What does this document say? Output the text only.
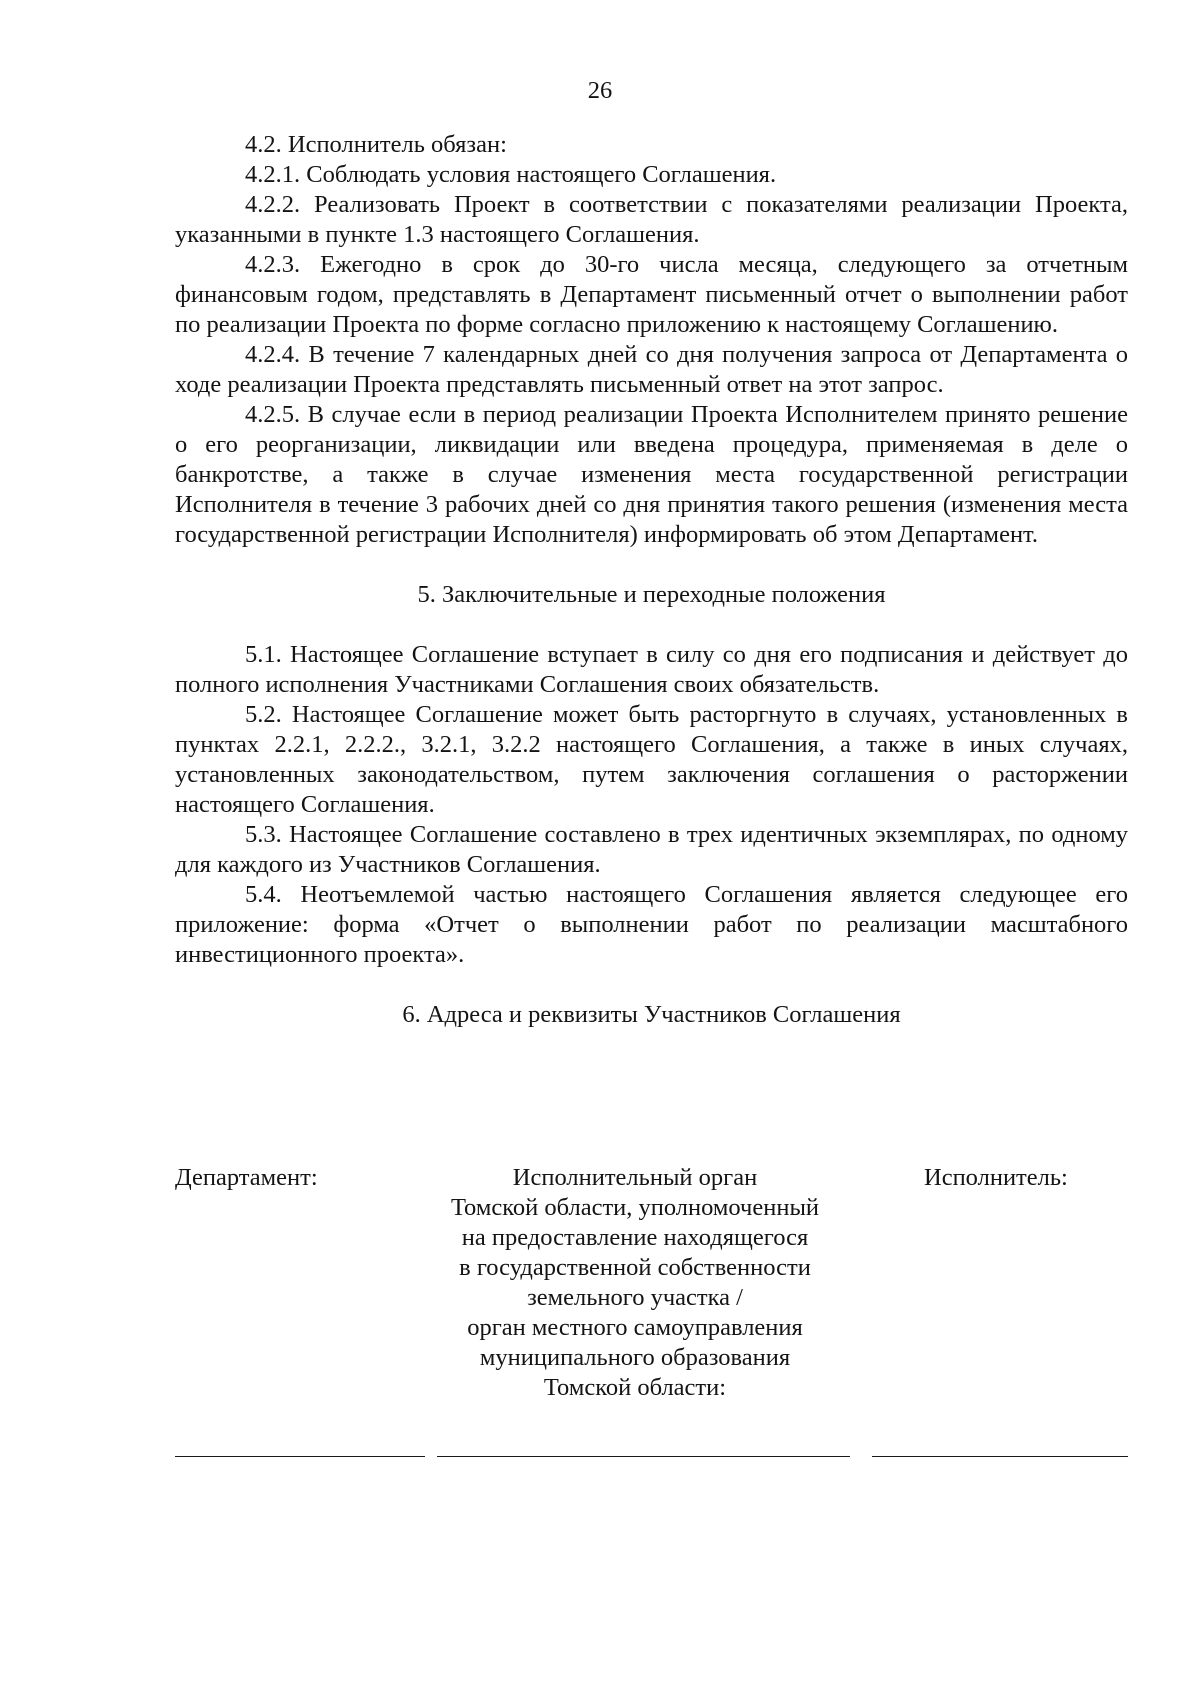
26

4.2. Исполнитель обязан:

4.2.1. Соблюдать условия настоящего Соглашения.

4.2.2. Реализовать Проект в соответствии с показателями реализации Проекта, указанными в пункте 1.3 настоящего Соглашения.

4.2.3. Ежегодно в срок до 30-го числа месяца, следующего за отчетным финансовым годом, представлять в Департамент письменный отчет о выполнении работ по реализации Проекта по форме согласно приложению к настоящему Соглашению.

4.2.4. В течение 7 календарных дней со дня получения запроса от Департамента о ходе реализации Проекта представлять письменный ответ на этот запрос.

4.2.5. В случае если в период реализации Проекта Исполнителем принято решение о его реорганизации, ликвидации или введена процедура, применяемая в деле о банкротстве, а также в случае изменения места государственной регистрации Исполнителя в течение 3 рабочих дней со дня принятия такого решения (изменения места государственной регистрации Исполнителя) информировать об этом Департамент.

5. Заключительные и переходные положения

5.1. Настоящее Соглашение вступает в силу со дня его подписания и действует до полного исполнения Участниками Соглашения своих обязательств.

5.2. Настоящее Соглашение может быть расторгнуто в случаях, установленных в пунктах 2.2.1, 2.2.2., 3.2.1, 3.2.2 настоящего Соглашения, а также в иных случаях, установленных законодательством, путем заключения соглашения о расторжении настоящего Соглашения.

5.3. Настоящее Соглашение составлено в трех идентичных экземплярах, по одному для каждого из Участников Соглашения.

5.4. Неотъемлемой частью настоящего Соглашения является следующее его приложение: форма «Отчет о выполнении работ по реализации масштабного инвестиционного проекта».

6. Адреса и реквизиты Участников Соглашения

Департамент:	Исполнительный орган
Томской области, уполномоченный
на предоставление находящегося
в государственной собственности
земельного участка /
орган местного самоуправления
муниципального образования
Томской области:
Исполнитель:
